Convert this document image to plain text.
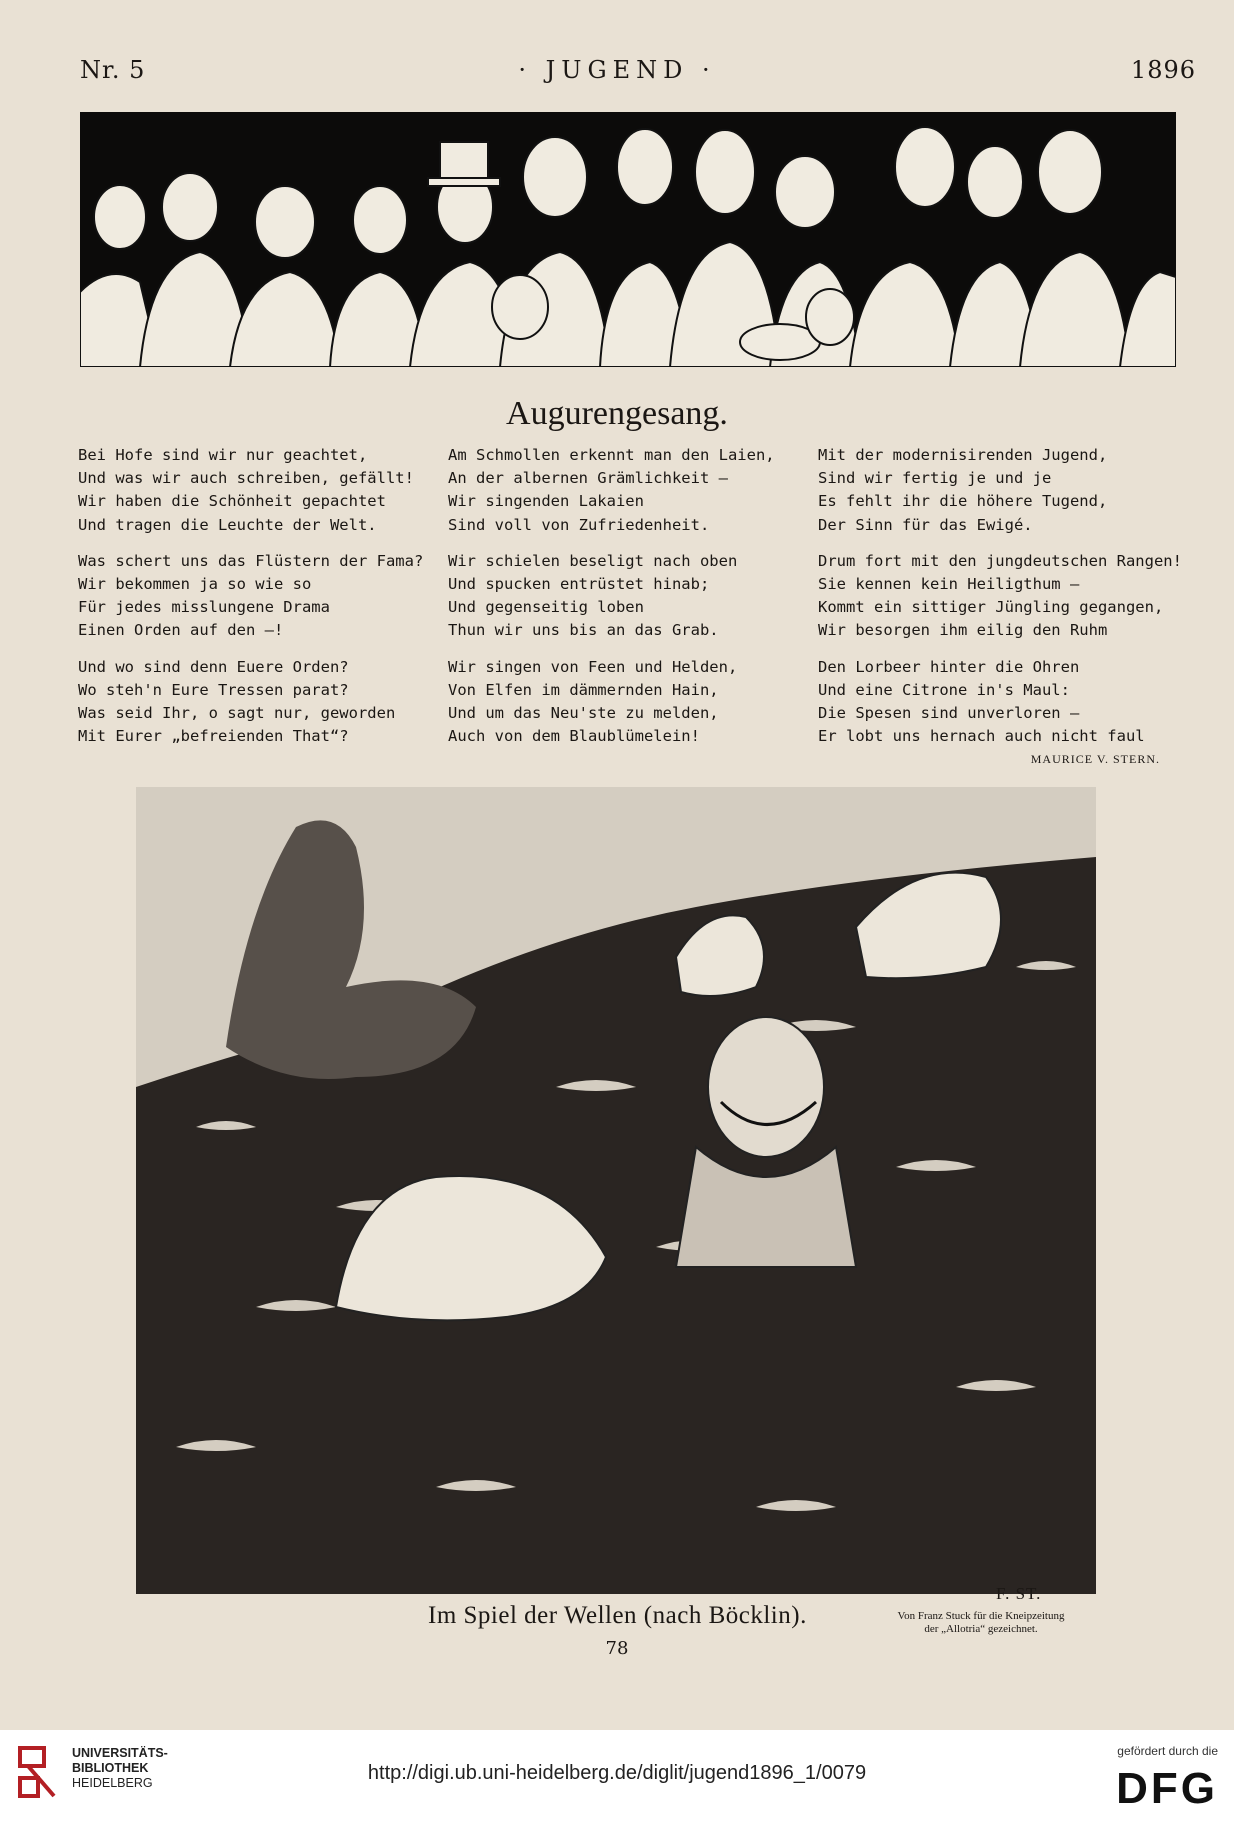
Nr. 5	· JUGEND ·	1896
Augurengesang.
Bei Hofe sind wir nur geachtet,
Und was wir auch schreiben, gefällt!
Wir haben die Schönheit gepachtet
Und tragen die Leuchte der Welt.
Was schert uns das Flüstern der Fama?
Wir bekommen ja so wie so
Für jedes misslungene Drama
Einen Orden auf den —!
Und wo sind denn Euere Orden?
Wo steh'n Eure Tressen parat?
Was seid Ihr, o sagt nur, geworden
Mit Eurer „befreienden That“?
Am Schmollen erkennt man den Laien,
An der albernen Grämlichkeit —
Wir singenden Lakaien
Sind voll von Zufriedenheit.
Wir schielen beseligt nach oben
Und spucken entrüstet hinab;
Und gegenseitig loben
Thun wir uns bis an das Grab.
Wir singen von Feen und Helden,
Von Elfen im dämmernden Hain,
Und um das Neu'ste zu melden,
Auch von dem Blaublümelein!
Mit der modernisirenden Jugend,
Sind wir fertig je und je
Es fehlt ihr die höhere Tugend,
Der Sinn für das Ewigé.
Drum fort mit den jungdeutschen Rangen!
Sie kennen kein Heiligthum —
Kommt ein sittiger Jüngling gegangen,
Wir besorgen ihm eilig den Ruhm
Den Lorbeer hinter die Ohren
Und eine Citrone in's Maul:
Die Spesen sind unverloren —
Er lobt uns hernach auch nicht faul
MAURICE V. STERN.
F. ST.
Im Spiel der Wellen (nach Böcklin).	Von Franz Stuck für die Kneipzeitung
der „Allotria“ gezeichnet.
78
UNIVERSITÄTS-
BIBLIOTHEK
HEIDELBERG	http://digi.ub.uni-heidelberg.de/diglit/jugend1896_1/0079
gefördert durch die
DFG
